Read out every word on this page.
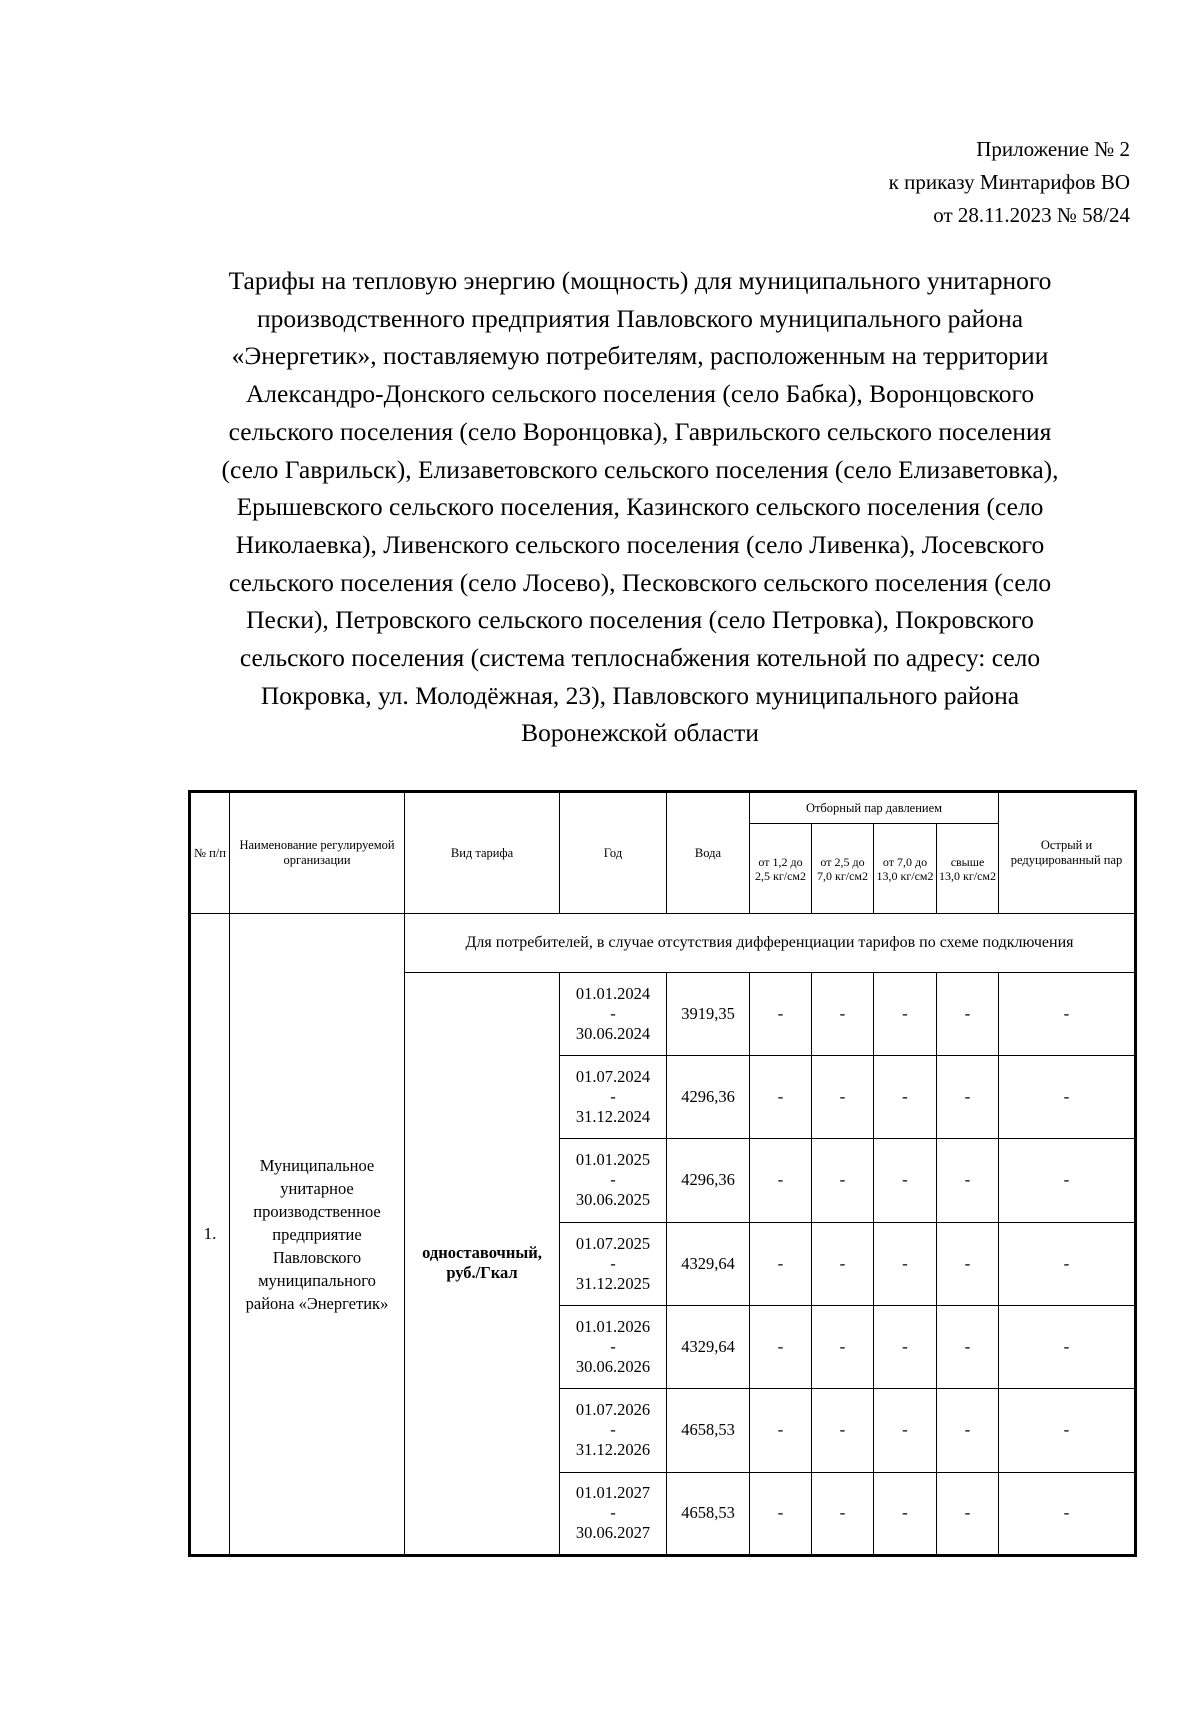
Приложение № 2
к приказу Минтарифов ВО
от 28.11.2023 № 58/24
Тарифы на тепловую энергию (мощность) для муниципального унитарного
производственного предприятия Павловского муниципального района
«Энергетик», поставляемую потребителям, расположенным на территории
Александро-Донского сельского поселения (село Бабка), Воронцовского
сельского поселения (село Воронцовка), Гаврильского сельского поселения
(село Гаврильск), Елизаветовского сельского поселения (село Елизаветовка),
Ерышевского сельского поселения, Казинского сельского поселения (село
Николаевка), Ливенского сельского поселения (село Ливенка), Лосевского
сельского поселения (село Лосево), Песковского сельского поселения (село
Пески), Петровского сельского поселения (село Петровка), Покровского
сельского поселения (система теплоснабжения котельной по адресу: село
Покровка, ул. Молодёжная, 23), Павловского муниципального района
Воронежской области
№ п/п	Наименование регулируемой организации	Вид тарифа	Год	Вода	Отборный пар давлением				Острый и редуцированный пар
					от 1,2 до 2,5 кг/см2	от 2,5 до 7,0 кг/см2	от 7,0 до 13,0 кг/см2	свыше 13,0 кг/см2	
1.	Муниципальное унитарное производственное предприятие Павловского муниципального района «Энергетик»	Для потребителей, в случае отсутствия дифференциации тарифов по схеме подключения							
		одноставочный, руб./Гкал	01.01.2024
-
30.06.2024	3919,35	-	-	-	-	-

			01.07.2024
-
31.12.2024	4296,36	-	-	-	-	-

			01.01.2025
-
30.06.2025	4296,36	-	-	-	-	-

			01.07.2025
-
31.12.2025	4329,64	-	-	-	-	-

			01.01.2026
-
30.06.2026	4329,64	-	-	-	-	-

			01.07.2026
-
31.12.2026	4658,53	-	-	-	-	-

			01.01.2027
-
30.06.2027	4658,53	-	-	-	-	-
